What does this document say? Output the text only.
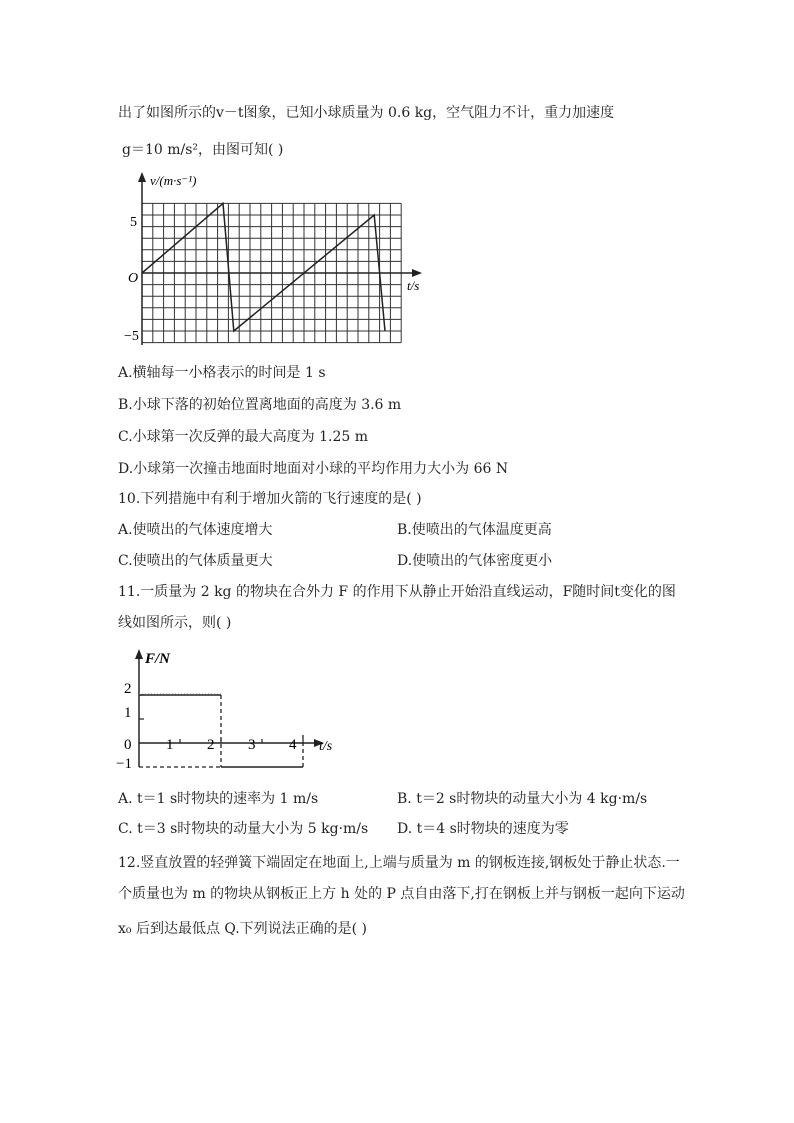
出了如图所示的v－t图象，已知小球质量为 0.6 kg，空气阻力不计，重力加速度
g＝10 m/s²，由图可知( )
v/(m·s⁻¹)
t/s
5
O
−5
A.横轴每一小格表示的时间是 1 s
B.小球下落的初始位置离地面的高度为 3.6 m
C.小球第一次反弹的最大高度为 1.25 m
D.小球第一次撞击地面时地面对小球的平均作用力大小为 66 N
10.下列措施中有利于增加火箭的飞行速度的是( )
A.使喷出的气体速度增大	B.使喷出的气体温度更高
C.使喷出的气体质量更大	D.使喷出的气体密度更小
11.一质量为 2 kg 的物块在合外力 F 的作用下从静止开始沿直线运动，F随时间t变化的图
线如图所示，则( )
F/N
t/s
0 1 2 3 4
2
1
−1
A. t＝1 s时物块的速率为 1 m/s	B. t＝2 s时物块的动量大小为 4 kg·m/s
C. t＝3 s时物块的动量大小为 5 kg·m/s D. t＝4 s时物块的速度为零
12.竖直放置的轻弹簧下端固定在地面上,上端与质量为 m 的钢板连接,钢板处于静止状态.一
个质量也为 m 的物块从钢板正上方 h 处的 P 点自由落下,打在钢板上并与钢板一起向下运动
x₀ 后到达最低点 Q.下列说法正确的是( )
